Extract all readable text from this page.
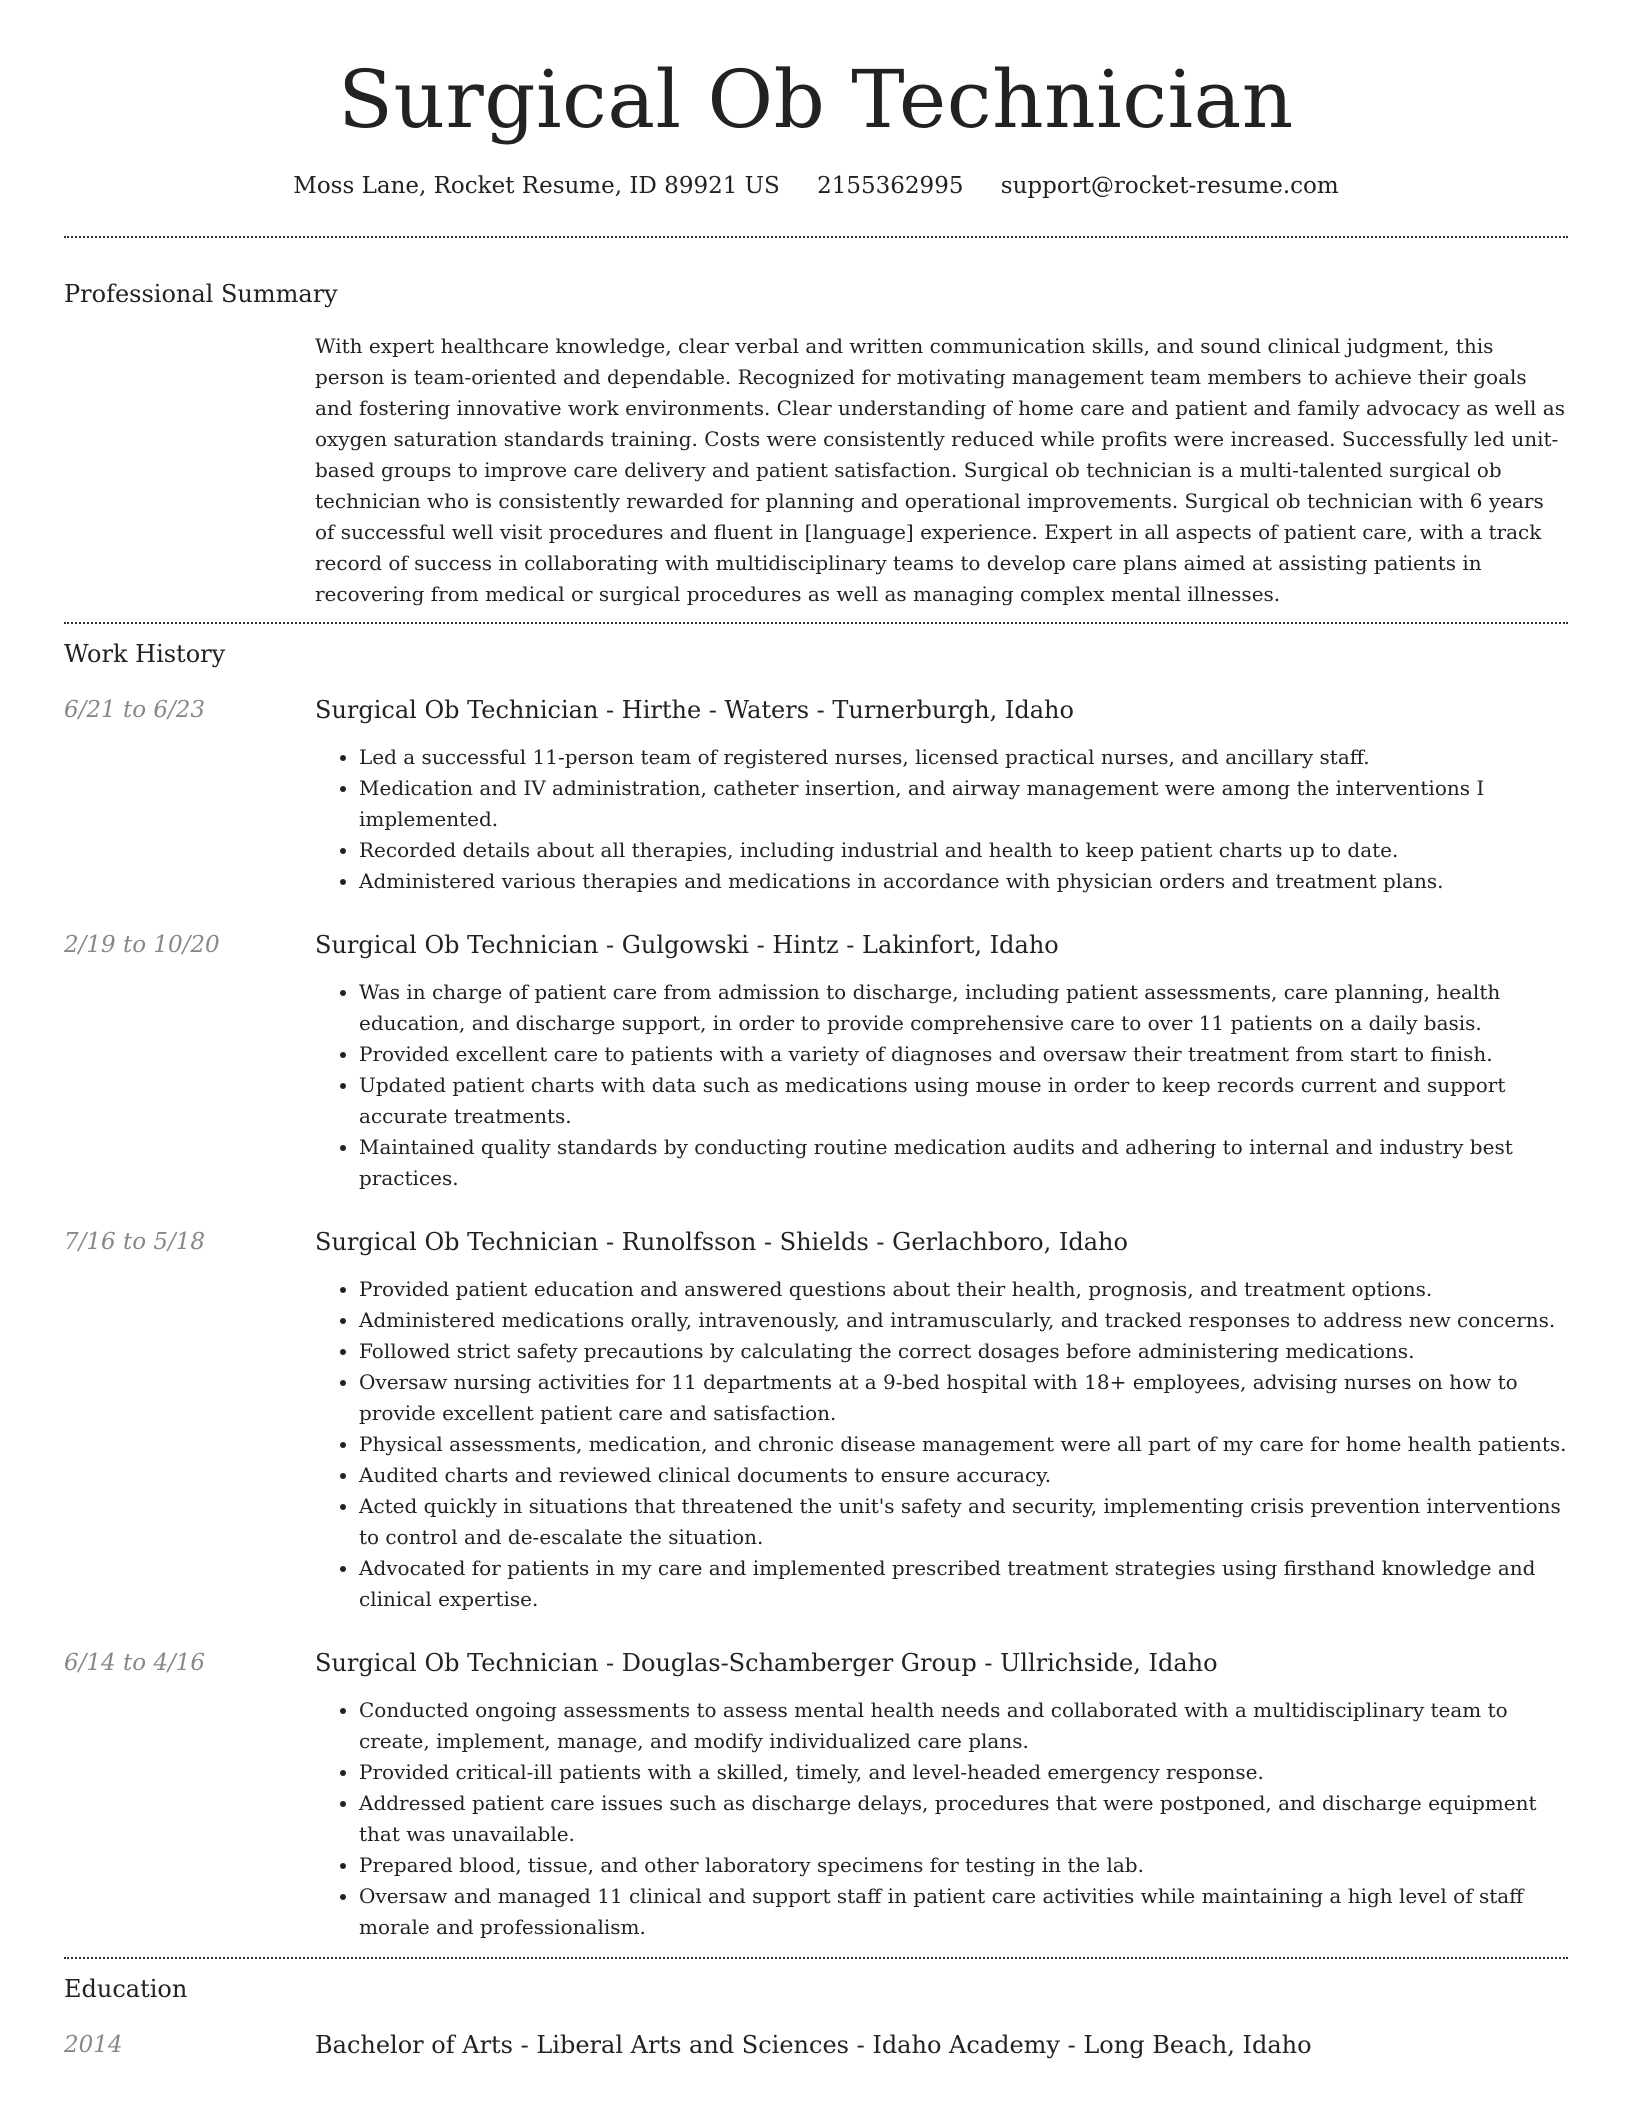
Surgical Ob Technician
Moss Lane, Rocket Resume, ID 89921 US 2155362995 support@rocket-resume.com
Professional Summary

With expert healthcare knowledge, clear verbal and written communication skills, and sound clinical judgment, this person is team-oriented and dependable. Recognized for motivating management team members to achieve their goals and fostering innovative work environments. Clear understanding of home care and patient and family advocacy as well as oxygen saturation standards training. Costs were consistently reduced while profits were increased. Successfully led unit-based groups to improve care delivery and patient satisfaction. Surgical ob technician is a multi-talented surgical ob technician who is consistently rewarded for planning and operational improvements. Surgical ob technician with 6 years of successful well visit procedures and fluent in [language] experience. Expert in all aspects of patient care, with a track record of success in collaborating with multidisciplinary teams to develop care plans aimed at assisting patients in recovering from medical or surgical procedures as well as managing complex mental illnesses.

Work History
6/21 to 6/23	Surgical Ob Technician - Hirthe - Waters - Turnerburgh, Idaho
• Led a successful 11-person team of registered nurses, licensed practical nurses, and ancillary staff.
• Medication and IV administration, catheter insertion, and airway management were among the interventions I implemented.
• Recorded details about all therapies, including industrial and health to keep patient charts up to date.
• Administered various therapies and medications in accordance with physician orders and treatment plans.
2/19 to 10/20	Surgical Ob Technician - Gulgowski - Hintz - Lakinfort, Idaho
• Was in charge of patient care from admission to discharge, including patient assessments, care planning, health education, and discharge support, in order to provide comprehensive care to over 11 patients on a daily basis.
• Provided excellent care to patients with a variety of diagnoses and oversaw their treatment from start to finish.
• Updated patient charts with data such as medications using mouse in order to keep records current and support accurate treatments.
• Maintained quality standards by conducting routine medication audits and adhering to internal and industry best practices.
7/16 to 5/18	Surgical Ob Technician - Runolfsson - Shields - Gerlachboro, Idaho
• Provided patient education and answered questions about their health, prognosis, and treatment options.
• Administered medications orally, intravenously, and intramuscularly, and tracked responses to address new concerns.
• Followed strict safety precautions by calculating the correct dosages before administering medications.
• Oversaw nursing activities for 11 departments at a 9-bed hospital with 18+ employees, advising nurses on how to provide excellent patient care and satisfaction.
• Physical assessments, medication, and chronic disease management were all part of my care for home health patients.
• Audited charts and reviewed clinical documents to ensure accuracy.
• Acted quickly in situations that threatened the unit's safety and security, implementing crisis prevention interventions to control and de-escalate the situation.
• Advocated for patients in my care and implemented prescribed treatment strategies using firsthand knowledge and clinical expertise.
6/14 to 4/16	Surgical Ob Technician - Douglas-Schamberger Group - Ullrichside, Idaho
• Conducted ongoing assessments to assess mental health needs and collaborated with a multidisciplinary team to create, implement, manage, and modify individualized care plans.
• Provided critical-ill patients with a skilled, timely, and level-headed emergency response.
• Addressed patient care issues such as discharge delays, procedures that were postponed, and discharge equipment that was unavailable.
• Prepared blood, tissue, and other laboratory specimens for testing in the lab.
• Oversaw and managed 11 clinical and support staff in patient care activities while maintaining a high level of staff morale and professionalism.
Education
2014	Bachelor of Arts - Liberal Arts and Sciences - Idaho Academy - Long Beach, Idaho
